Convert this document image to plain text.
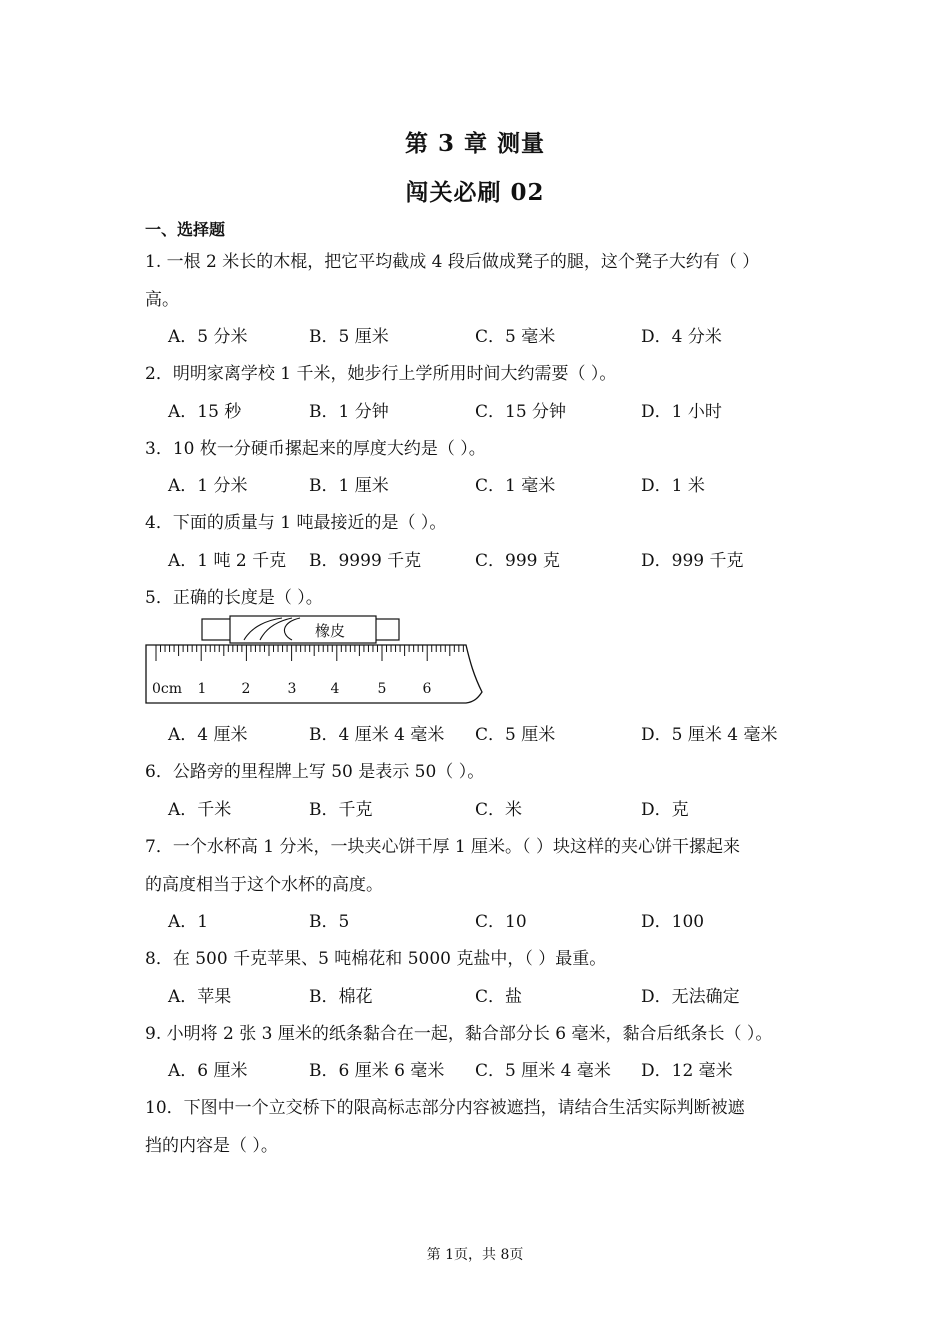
第 3 章 测量
闯关必刷 02
一、选择题
1. 一根 2 米长的木棍，把它平均截成 4 段后做成凳子的腿，这个凳子大约有（ ）
高。
A．5 分米	B．5 厘米	C．5 毫米	D．4 分米
2．明明家离学校 1 千米，她步行上学所用时间大约需要（ ）。
A．15 秒	B．1 分钟	C．15 分钟	D．1 小时
3．10 枚一分硬币摞起来的厚度大约是（ ）。
A．1 分米	B．1 厘米	C．1 毫米	D．1 米
4．下面的质量与 1 吨最接近的是（ ）。
A．1 吨 2 千克 B．9999 千克	C．999 克	D．999 千克
5．正确的长度是（ ）。
橡皮
0cm 1	2	3 4	5	6
A．4 厘米	B．4 厘米 4 毫米 C．5 厘米	D．5 厘米 4 毫米
6．公路旁的里程牌上写 50 是表示 50（ ）。
A．千米	B．千克	C．米	D．克
7．一个水杯高 1 分米，一块夹心饼干厚 1 厘米。（ ）块这样的夹心饼干摞起来
的高度相当于这个水杯的高度。
A．1	B．5	C．10	D．100
8．在 500 千克苹果、5 吨棉花和 5000 克盐中，（ ）最重。
A．苹果	B．棉花	C．盐	D．无法确定
9. 小明将 2 张 3 厘米的纸条黏合在一起，黏合部分长 6 毫米，黏合后纸条长（ ）。
A．6 厘米	B．6 厘米 6 毫米 C．5 厘米 4 毫米 D．12 毫米
10．下图中一个立交桥下的限高标志部分内容被遮挡，请结合生活实际判断被遮
挡的内容是（ ）。
第 1页，共 8页
